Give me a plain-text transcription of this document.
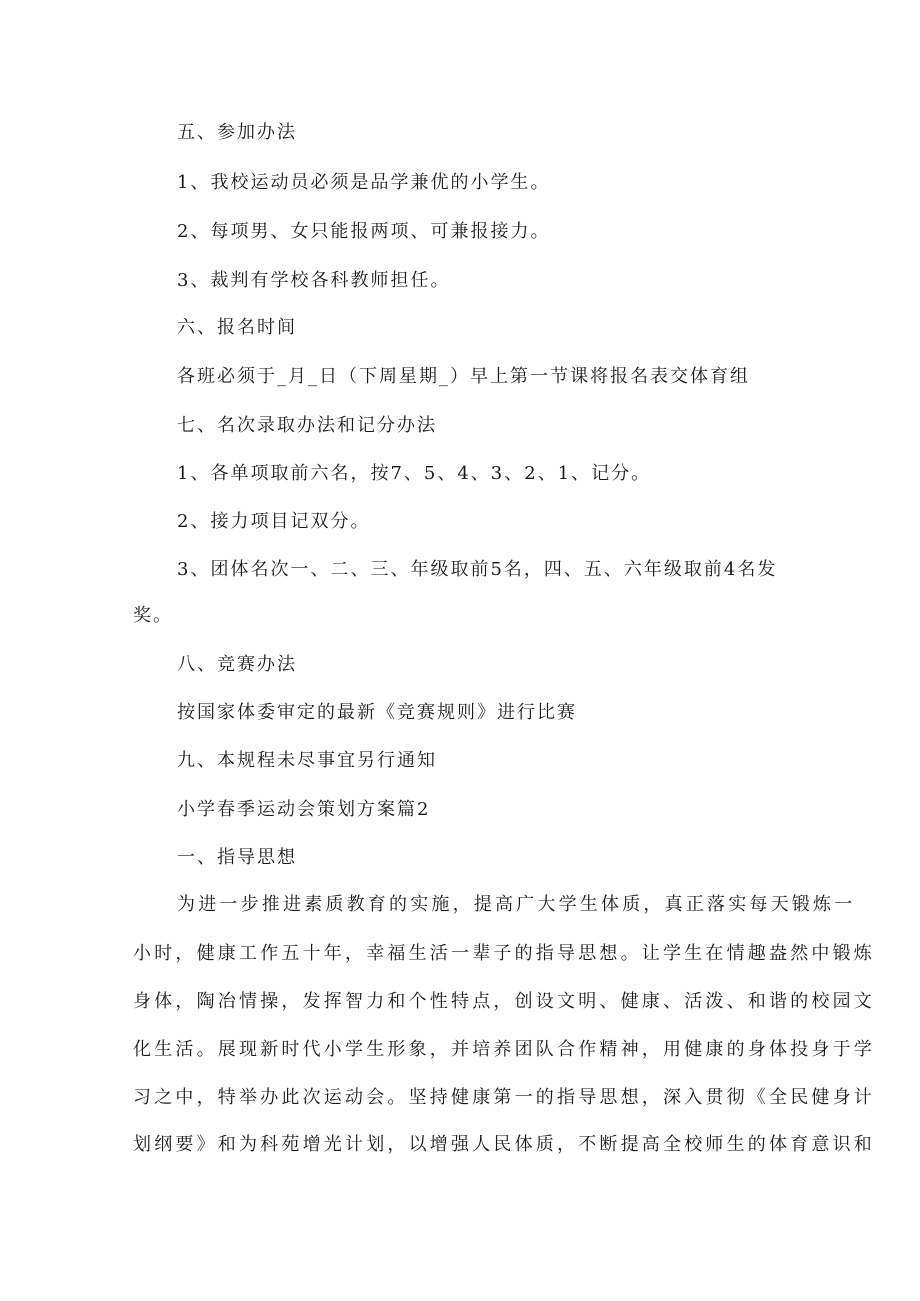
五、参加办法
1、我校运动员必须是品学兼优的小学生。
2、每项男、女只能报两项、可兼报接力。
3、裁判有学校各科教师担任。
六、报名时间
各班必须于_月_日（下周星期_）早上第一节课将报名表交体育组
七、名次录取办法和记分办法
1、各单项取前六名，按7、5、4、3、2、1、记分。
2、接力项目记双分。
3、团体名次一、二、三、年级取前5名，四、五、六年级取前4名发
奖。
八、竞赛办法
按国家体委审定的最新《竞赛规则》进行比赛
九、本规程未尽事宜另行通知
小学春季运动会策划方案篇2
一、指导思想
为进一步推进素质教育的实施，提高广大学生体质，真正落实每天锻炼一
小时，健康工作五十年，幸福生活一辈子的指导思想。让学生在情趣盎然中锻炼
身体，陶冶情操，发挥智力和个性特点，创设文明、健康、活泼、和谐的校园文
化生活。展现新时代小学生形象，并培养团队合作精神，用健康的身体投身于学
习之中，特举办此次运动会。坚持健康第一的指导思想，深入贯彻《全民健身计
划纲要》和为科苑增光计划，以增强人民体质，不断提高全校师生的体育意识和
